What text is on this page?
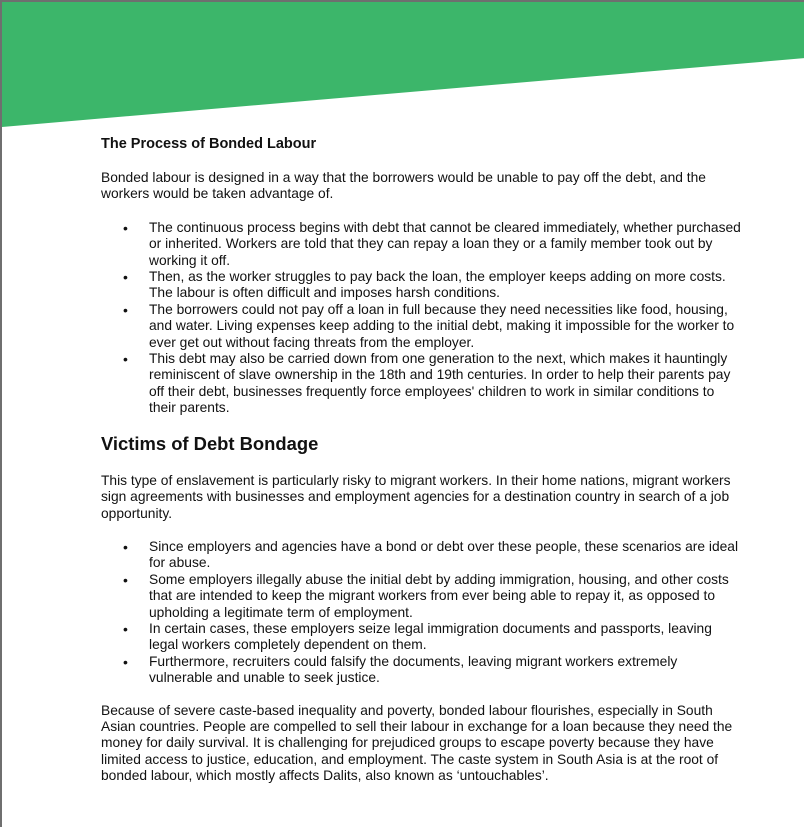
The Process of Bonded Labour

Bonded labour is designed in a way that the borrowers would be unable to pay off the debt, and the workers would be taken advantage of.

• The continuous process begins with debt that cannot be cleared immediately, whether purchased or inherited. Workers are told that they can repay a loan they or a family member took out by working it off.
• Then, as the worker struggles to pay back the loan, the employer keeps adding on more costs. The labour is often difficult and imposes harsh conditions.
• The borrowers could not pay off a loan in full because they need necessities like food, housing, and water. Living expenses keep adding to the initial debt, making it impossible for the worker to ever get out without facing threats from the employer.
• This debt may also be carried down from one generation to the next, which makes it hauntingly reminiscent of slave ownership in the 18th and 19th centuries. In order to help their parents pay off their debt, businesses frequently force employees' children to work in similar conditions to their parents.
Victims of Debt Bondage

This type of enslavement is particularly risky to migrant workers. In their home nations, migrant workers sign agreements with businesses and employment agencies for a destination country in search of a job opportunity.

• Since employers and agencies have a bond or debt over these people, these scenarios are ideal for abuse.
• Some employers illegally abuse the initial debt by adding immigration, housing, and other costs that are intended to keep the migrant workers from ever being able to repay it, as opposed to upholding a legitimate term of employment.
• In certain cases, these employers seize legal immigration documents and passports, leaving legal workers completely dependent on them.
• Furthermore, recruiters could falsify the documents, leaving migrant workers extremely vulnerable and unable to seek justice.

Because of severe caste-based inequality and poverty, bonded labour flourishes, especially in South Asian countries. People are compelled to sell their labour in exchange for a loan because they need the money for daily survival. It is challenging for prejudiced groups to escape poverty because they have limited access to justice, education, and employment. The caste system in South Asia is at the root of bonded labour, which mostly affects Dalits, also known as ‘untouchables’.
